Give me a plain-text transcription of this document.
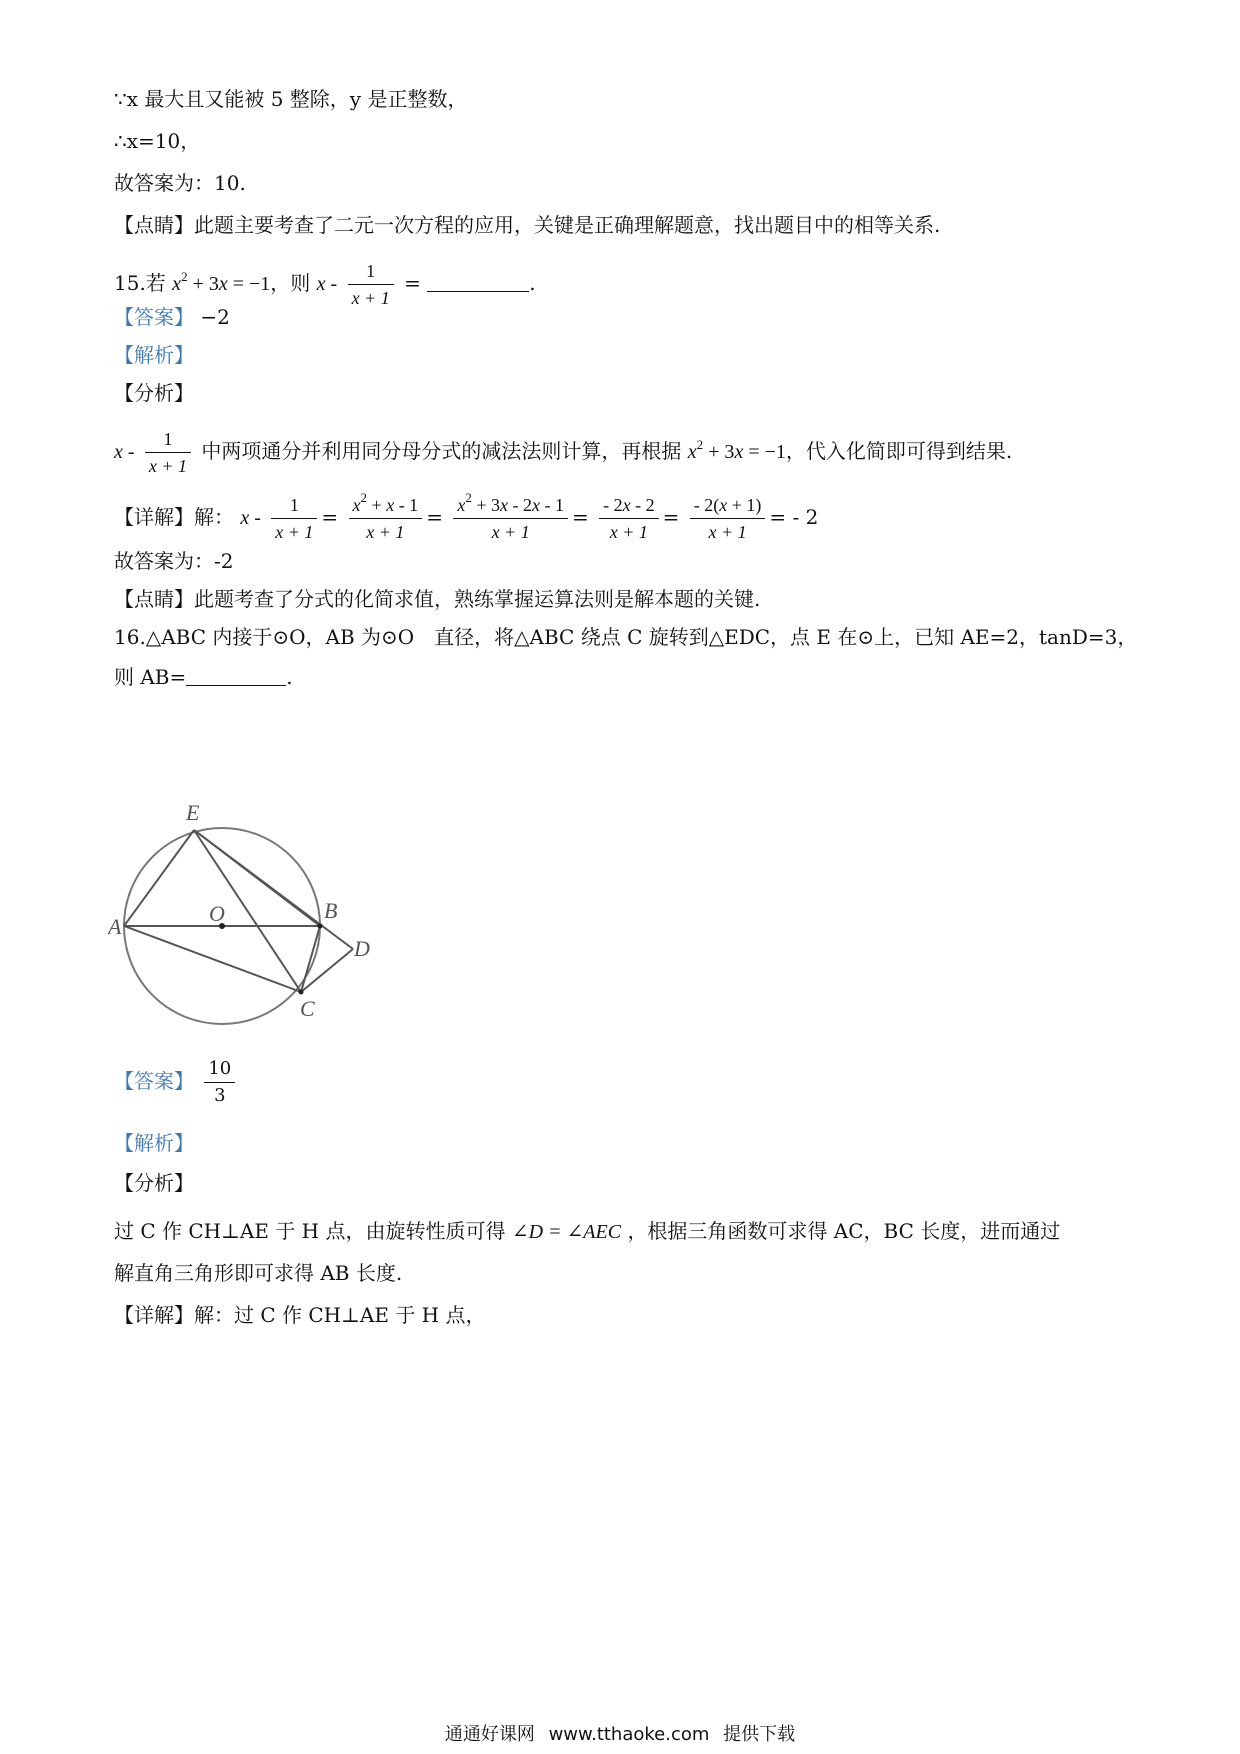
∵x 最大且又能被 5 整除，y 是正整数，
∴x=10，
故答案为：10.
【点睛】此题主要考查了二元一次方程的应用，关键是正确理解题意，找出题目中的相等关系.
15.若 $x^2 + 3x = -1$，则 x - $\frac{1}{x + 1}$ =	.
【答案】 −2
【解析】
【分析】
x - $\frac{1}{x + 1}$ 中两项通分并利用同分母分式的减法法则计算，再根据 $x^2 + 3x = -1$，代入化简即可得到结果.
【详解】解： $x - \frac{1}{x + 1} = \frac{x^2 + x - 1}{x + 1} = \frac{x^2 + 3x - 2x - 1}{x + 1} = \frac{- 2x - 2}{x + 1} = \frac{- 2(x + 1)}{x + 1}$ = - 2
故答案为：-2
【点睛】此题考查了分式的化简求值，熟练掌握运算法则是解本题的关键.
16.△ABC 内接于⊙O，AB 为⊙O　直径，将△ABC 绕点 C 旋转到△EDC，点 E 在⊙上，已知 AE=2，tanD=3，
则 AB=	.
E
O
A
B
D
C
【答案】 $\frac{10}{3}$
【解析】
【分析】
过 C 作 CH⊥AE 于 H 点，由旋转性质可得 ∠D = ∠AEC ，根据三角函数可求得 AC，BC 长度，进而通过
解直角三角形即可求得 AB 长度.
【详解】解：过 C 作 CH⊥AE 于 H 点，
通通好课网 www.tthaoke.com 提供下载
